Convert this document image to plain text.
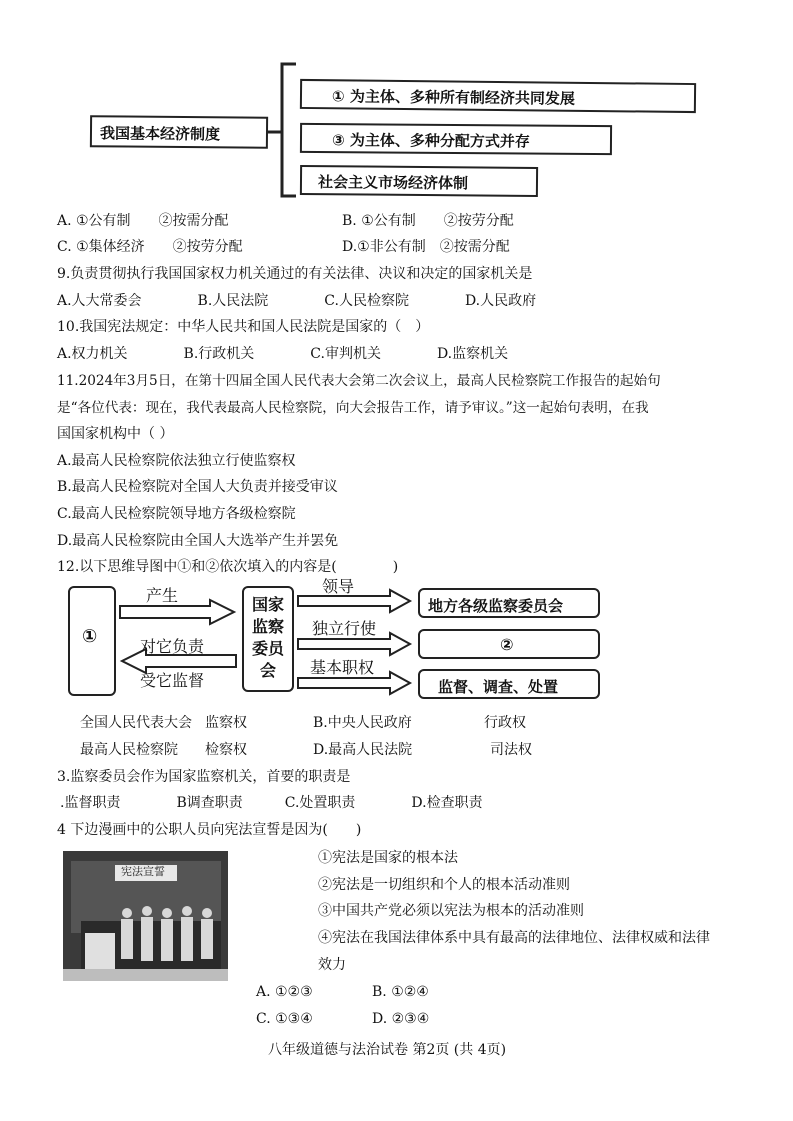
我国基本经济制度
① 为主体、多种所有制经济共同发展
③ 为主体、多种分配方式并存
社会主义市场经济体制
A. ①公有制　　②按需分配	B. ①公有制　　②按劳分配
C. ①集体经济　　②按劳分配	D.①非公有制　②按需分配
9.负责贯彻执行我国国家权力机关通过的有关法律、决议和决定的国家机关是
A.人大常委会　　　　B.人民法院　　　　C.人民检察院　　　　D.人民政府
10.我国宪法规定：中华人民共和国人民法院是国家的（　）
A.权力机关　　　　B.行政机关　　　　C.审判机关　　　　D.监察机关
11.2024年3月5日，在第十四届全国人民代表大会第二次会议上，最高人民检察院工作报告的起始句
是“各位代表：现在，我代表最高人民检察院，向大会报告工作，请予审议。”这一起始句表明，在我
国国家机构中（ ）
A.最高人民检察院依法独立行使监察权
B.最高人民检察院对全国人大负责并接受审议
C.最高人民检察院领导地方各级检察院
D.最高人民检察院由全国人大选举产生并罢免
12.以下思维导图中①和②依次填入的内容是(　　　　)
①
国家
监察
委员
会
产生
对它负责
受它监督
领导
独立行使
基本职权
地方各级监察委员会
②
监督、调查、处置
全国人民代表大会 监察权	B.中央人民政府	行政权
最高人民检察院 检察权	D.最高人民法院	司法权
3.监察委员会作为国家监察机关，首要的职责是
.监督职责　　　　B调查职责　　　C.处置职责　　　　D.检查职责
4 下边漫画中的公职人员向宪法宣誓是因为(　　)
宪法宣誓
①宪法是国家的根本法
②宪法是一切组织和个人的根本活动准则
③中国共产党必须以宪法为根本的活动准则
④宪法在我国法律体系中具有最高的法律地位、法律权威和法律
效力
A. ①②③	B. ①②④
C. ①③④	D. ②③④
八年级道德与法治试卷 第2页 (共 4页)
